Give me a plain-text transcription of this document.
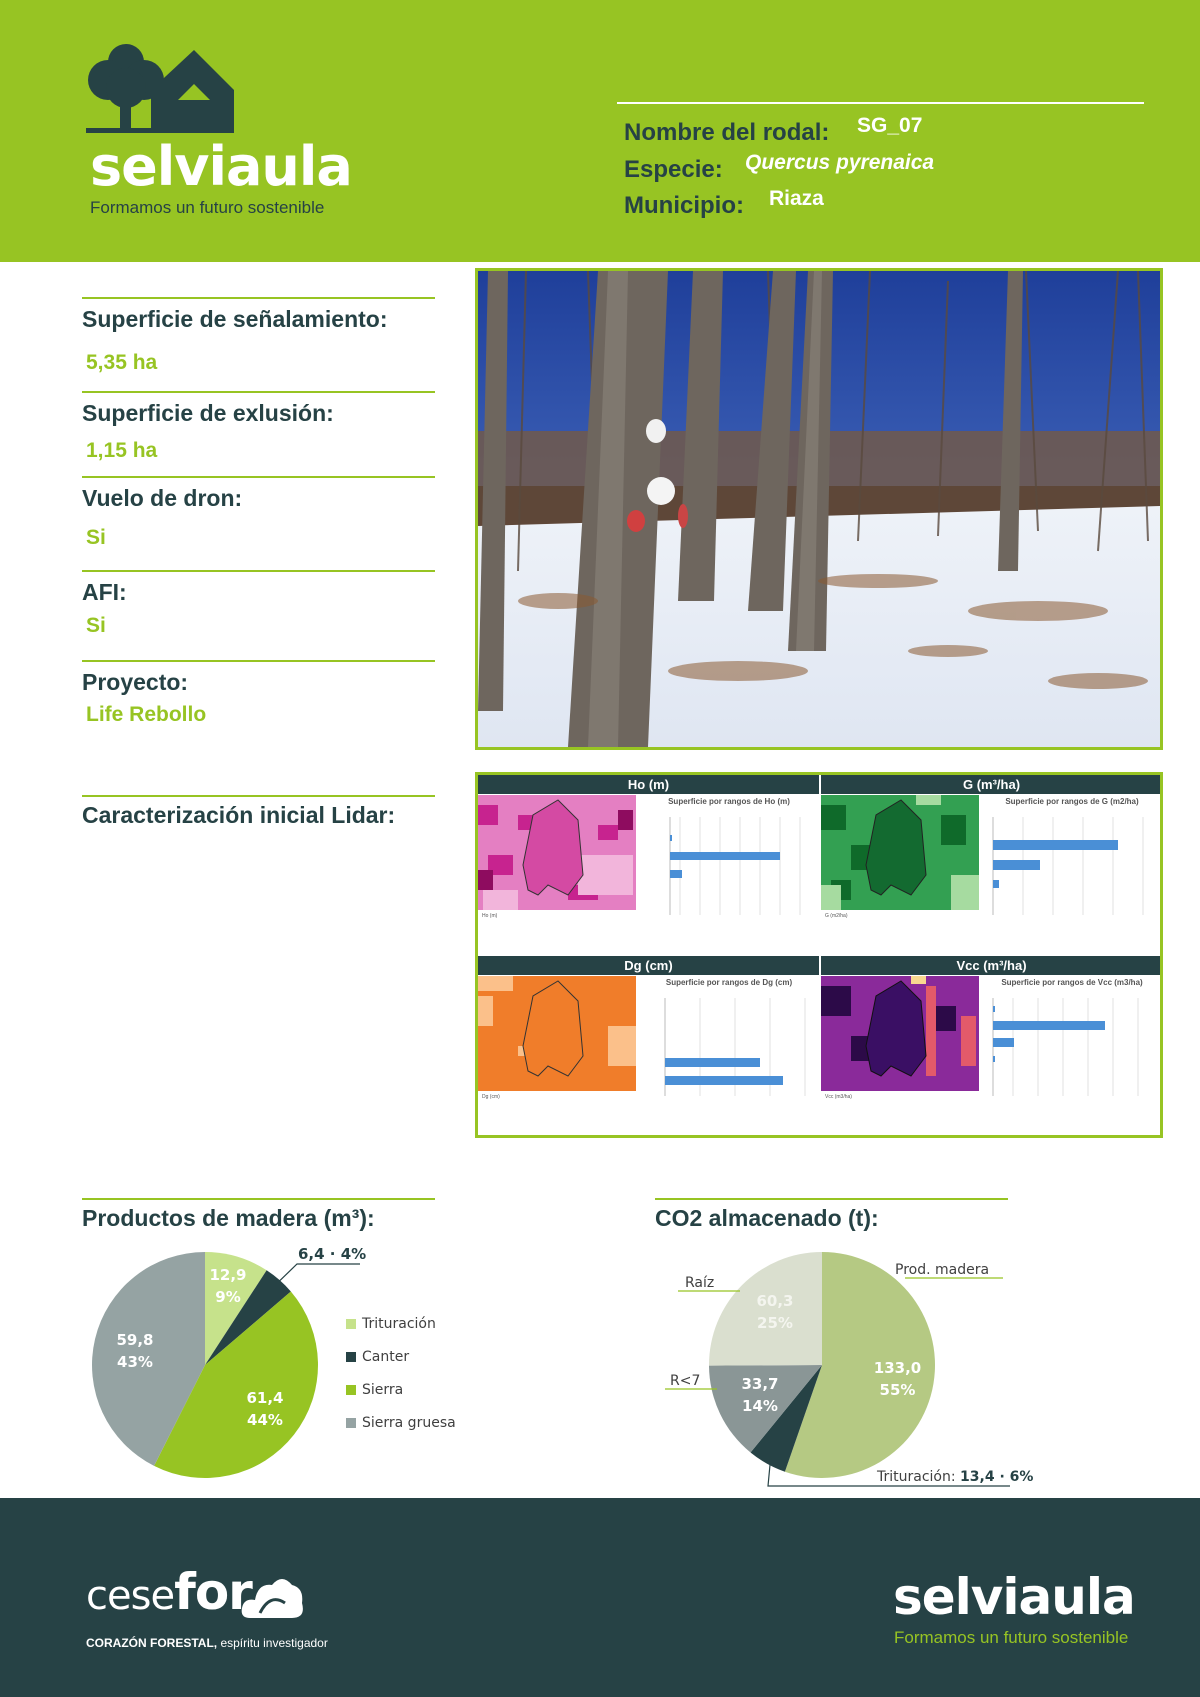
selviaula
Formamos un futuro sostenible
Nombre del rodal: SG_07
Especie: Quercus pyrenaica
Municipio: Riaza
Superficie de señalamiento:
5,35 ha
Superficie de exlusión:
1,15 ha
Vuelo de dron:
Si
AFI:
Si
Proyecto:
Life Rebollo
Caracterización inicial Lidar:
Ho (m)
Superficie por rangos de Ho (m)
Ho (m)
G (m³/ha)
Superficie por rangos de G (m2/ha)
G (m2/ha)
Dg (cm)
Superficie por rangos de Dg (cm)
Dg (cm)
Vcc (m³/ha)
Superficie por rangos de Vcc (m3/ha)
Vcc (m3/ha)
Productos de madera (m³):
12,9
9%
59,8
43%
61,4
44%
6,4 · 4%
Trituración
Canter
Sierra
Sierra gruesa
CO2 almacenado (t):
Prod. madera
Raíz
R<7
60,3
25%
133,0
55%
33,7
14%
Trituración: 13,4 · 6%
cesefor
CORAZÓN FORESTAL, espíritu investigador
selviaula
Formamos un futuro sostenible
